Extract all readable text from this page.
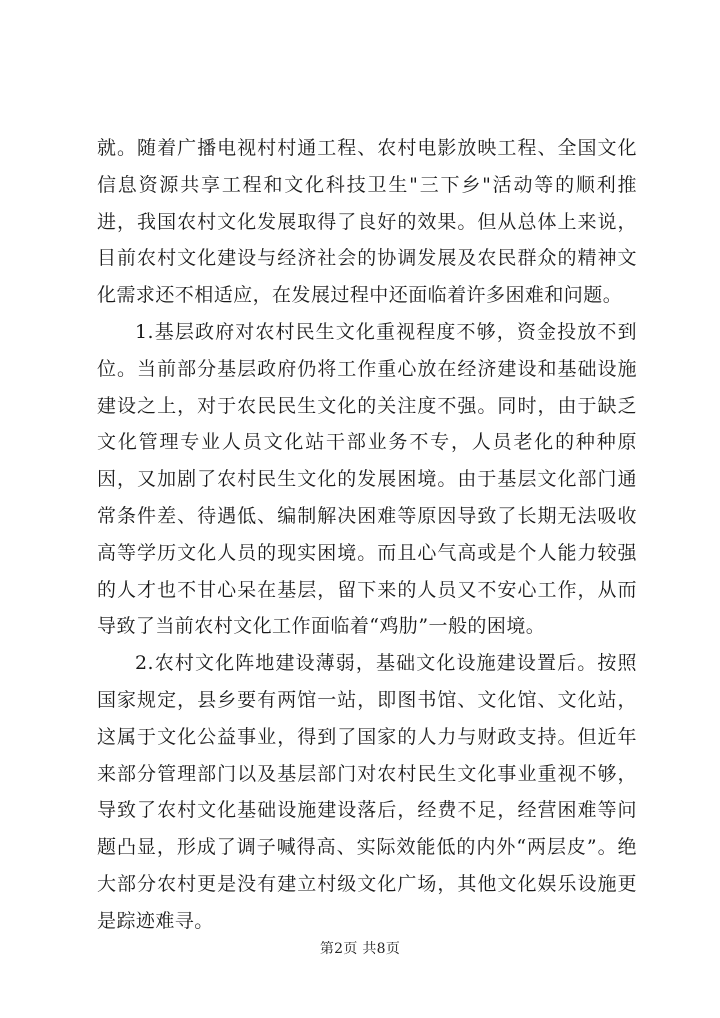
就。随着广播电视村村通工程、农村电影放映工程、全国文化信息资源共享工程和文化科技卫生"三下乡"活动等的顺利推进，我国农村文化发展取得了良好的效果。但从总体上来说，目前农村文化建设与经济社会的协调发展及农民群众的精神文化需求还不相适应，在发展过程中还面临着许多困难和问题。

1.基层政府对农村民生文化重视程度不够，资金投放不到位。当前部分基层政府仍将工作重心放在经济建设和基础设施建设之上，对于农民民生文化的关注度不强。同时，由于缺乏文化管理专业人员文化站干部业务不专，人员老化的种种原因，又加剧了农村民生文化的发展困境。由于基层文化部门通常条件差、待遇低、编制解决困难等原因导致了长期无法吸收高等学历文化人员的现实困境。而且心气高或是个人能力较强的人才也不甘心呆在基层，留下来的人员又不安心工作，从而导致了当前农村文化工作面临着“鸡肋”一般的困境。

2.农村文化阵地建设薄弱，基础文化设施建设置后。按照国家规定，县乡要有两馆一站，即图书馆、文化馆、文化站，这属于文化公益事业，得到了国家的人力与财政支持。但近年来部分管理部门以及基层部门对农村民生文化事业重视不够，导致了农村文化基础设施建设落后，经费不足，经营困难等问题凸显，形成了调子喊得高、实际效能低的内外“两层皮”。绝大部分农村更是没有建立村级文化广场，其他文化娱乐设施更是踪迹难寻。

第2页 共8页
